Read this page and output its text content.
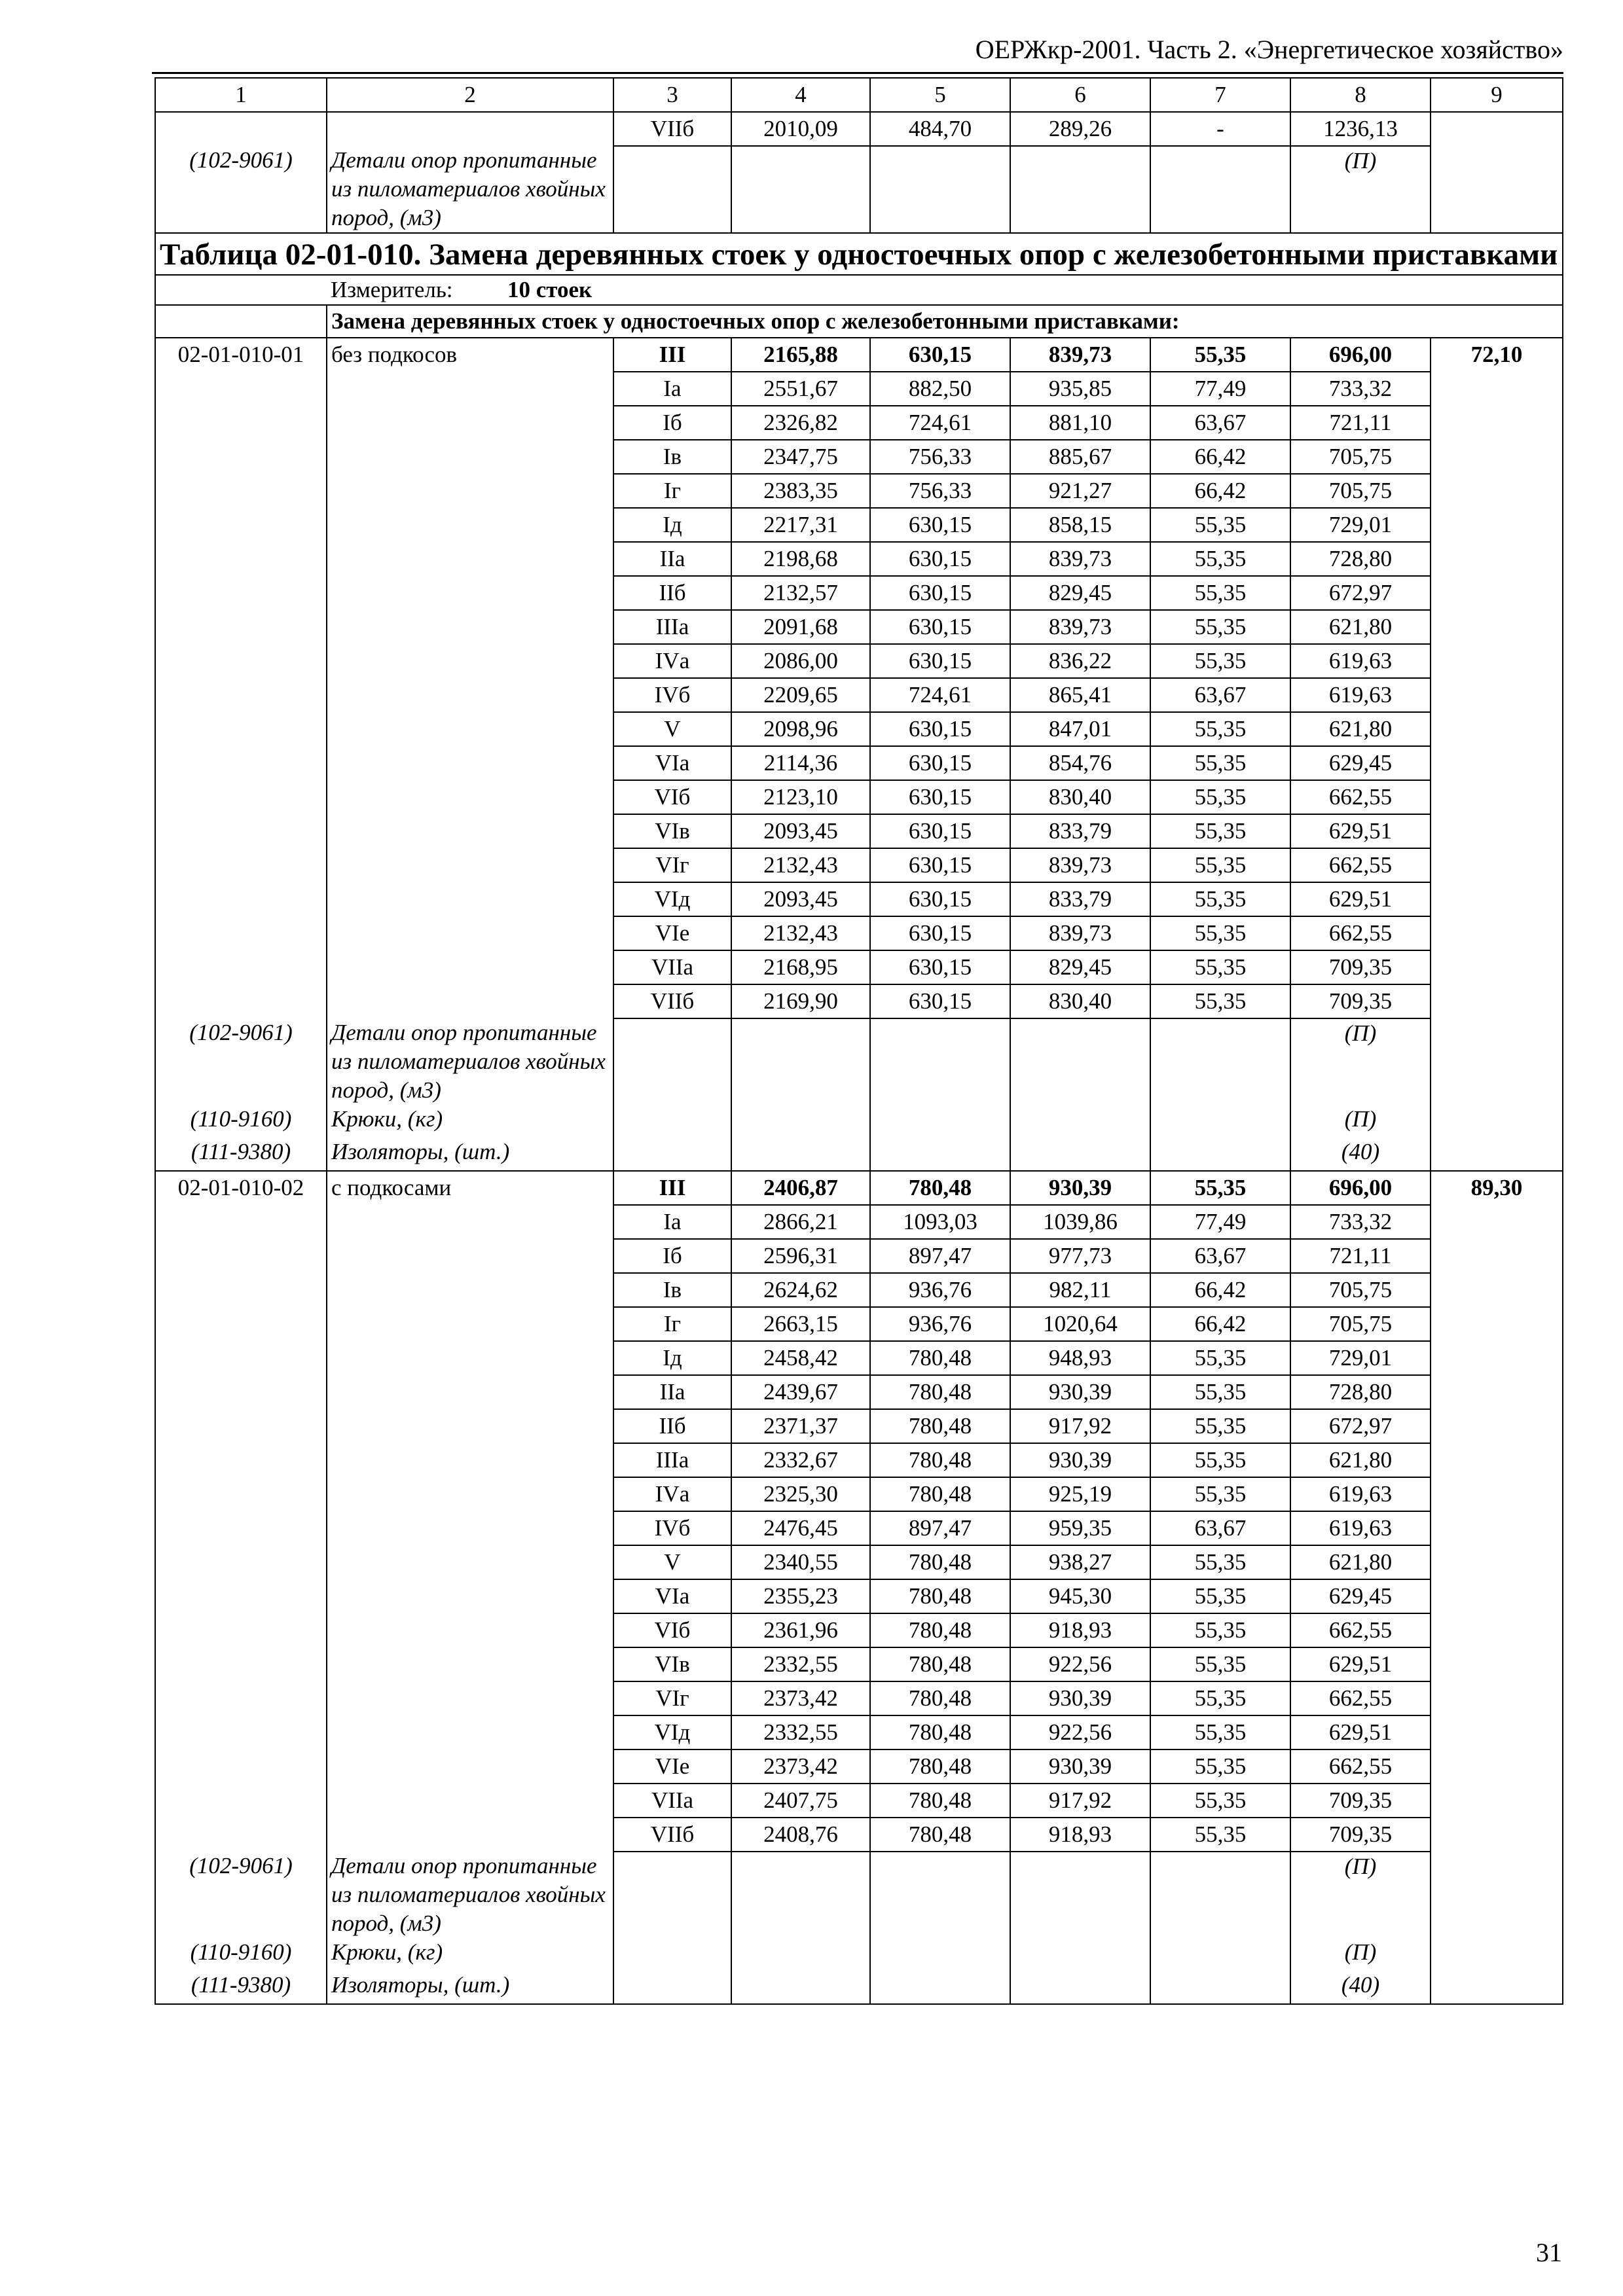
ОЕРЖкр-2001. Часть 2. «Энергетическое хозяйство»
1	2	3	4	5	6	7	8	9
		VIIб	2010,09	484,70	289,26	-	1236,13	
(102-9061)	Детали опор пропитанные из пиломатериалов хвойных пород, (м3)						(П)	
Таблица 02-01-010. Замена деревянных стоек у одностоечных опор с железобетонными приставками								
	Измеритель: 10 стоек							
	Замена деревянных стоек у одностоечных опор с железобетонными приставками:							
02-01-010-01	без подкосов	III	2165,88	630,15	839,73	55,35	696,00	72,10
		Iа	2551,67	882,50	935,85	77,49	733,32	
		Iб	2326,82	724,61	881,10	63,67	721,11	
		Iв	2347,75	756,33	885,67	66,42	705,75	
		Iг	2383,35	756,33	921,27	66,42	705,75	
		Iд	2217,31	630,15	858,15	55,35	729,01	
		IIа	2198,68	630,15	839,73	55,35	728,80	
		IIб	2132,57	630,15	829,45	55,35	672,97	
		IIIа	2091,68	630,15	839,73	55,35	621,80	
		IVа	2086,00	630,15	836,22	55,35	619,63	
		IVб	2209,65	724,61	865,41	63,67	619,63	
		V	2098,96	630,15	847,01	55,35	621,80	
		VIа	2114,36	630,15	854,76	55,35	629,45	
		VIб	2123,10	630,15	830,40	55,35	662,55	
		VIв	2093,45	630,15	833,79	55,35	629,51	
		VIг	2132,43	630,15	839,73	55,35	662,55	
		VIд	2093,45	630,15	833,79	55,35	629,51	
		VIе	2132,43	630,15	839,73	55,35	662,55	
		VIIа	2168,95	630,15	829,45	55,35	709,35	
		VIIб	2169,90	630,15	830,40	55,35	709,35	
(102-9061)	Детали опор пропитанные из пиломатериалов хвойных пород, (м3)						(П)	
(110-9160)	Крюки, (кг)						(П)	
(111-9380)	Изоляторы, (шт.)						(40)	
02-01-010-02	с подкосами	III	2406,87	780,48	930,39	55,35	696,00	89,30
		Iа	2866,21	1093,03	1039,86	77,49	733,32	
		Iб	2596,31	897,47	977,73	63,67	721,11	
		Iв	2624,62	936,76	982,11	66,42	705,75	
		Iг	2663,15	936,76	1020,64	66,42	705,75	
		Iд	2458,42	780,48	948,93	55,35	729,01	
		IIа	2439,67	780,48	930,39	55,35	728,80	
		IIб	2371,37	780,48	917,92	55,35	672,97	
		IIIа	2332,67	780,48	930,39	55,35	621,80	
		IVа	2325,30	780,48	925,19	55,35	619,63	
		IVб	2476,45	897,47	959,35	63,67	619,63	
		V	2340,55	780,48	938,27	55,35	621,80	
		VIа	2355,23	780,48	945,30	55,35	629,45	
		VIб	2361,96	780,48	918,93	55,35	662,55	
		VIв	2332,55	780,48	922,56	55,35	629,51	
		VIг	2373,42	780,48	930,39	55,35	662,55	
		VIд	2332,55	780,48	922,56	55,35	629,51	
		VIе	2373,42	780,48	930,39	55,35	662,55	
		VIIа	2407,75	780,48	917,92	55,35	709,35	
		VIIб	2408,76	780,48	918,93	55,35	709,35	
(102-9061)	Детали опор пропитанные из пиломатериалов хвойных пород, (м3)						(П)	
(110-9160)	Крюки, (кг)						(П)	
(111-9380)	Изоляторы, (шт.)						(40)	
31
